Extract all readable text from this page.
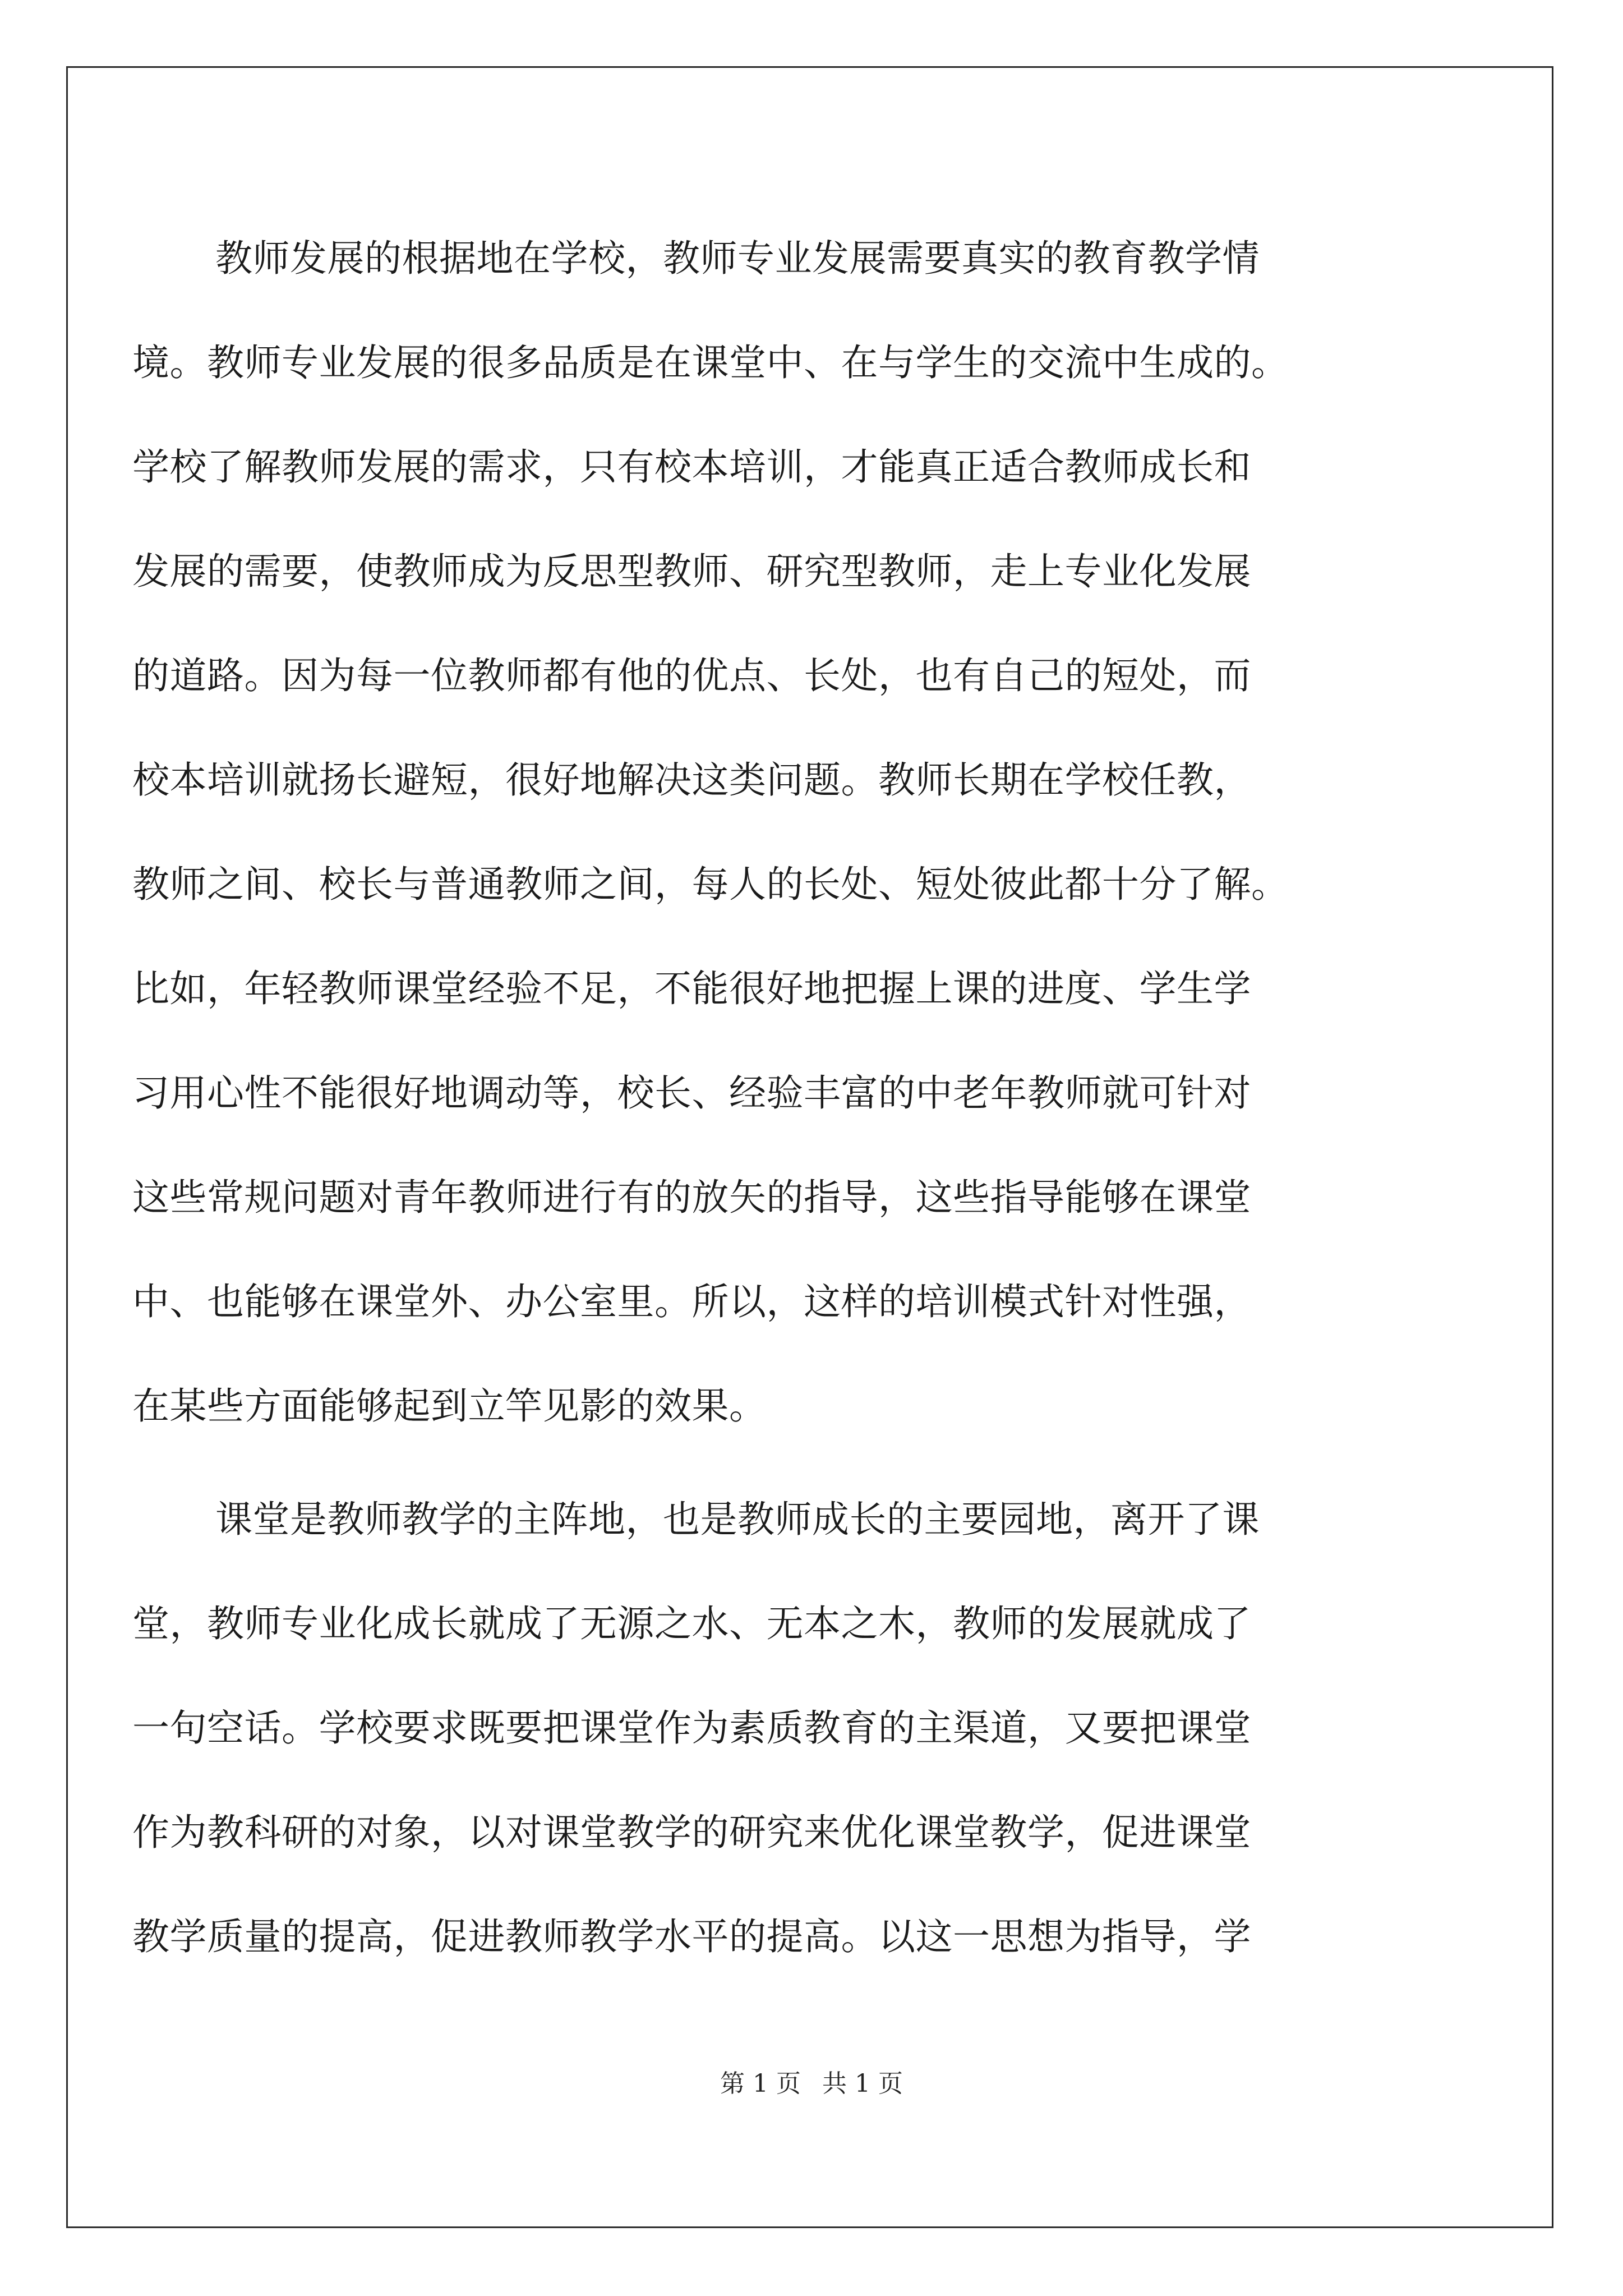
教师发展的根据地在学校，教师专业发展需要真实的教育教学情
境。教师专业发展的很多品质是在课堂中、在与学生的交流中生成的。
学校了解教师发展的需求，只有校本培训，才能真正适合教师成长和
发展的需要，使教师成为反思型教师、研究型教师，走上专业化发展
的道路。因为每一位教师都有他的优点、长处，也有自己的短处，而
校本培训就扬长避短，很好地解决这类问题。教师长期在学校任教，
教师之间、校长与普通教师之间，每人的长处、短处彼此都十分了解。
比如，年轻教师课堂经验不足，不能很好地把握上课的进度、学生学
习用心性不能很好地调动等，校长、经验丰富的中老年教师就可针对
这些常规问题对青年教师进行有的放矢的指导，这些指导能够在课堂
中、也能够在课堂外、办公室里。所以，这样的培训模式针对性强，
在某些方面能够起到立竿见影的效果。
课堂是教师教学的主阵地，也是教师成长的主要园地，离开了课
堂，教师专业化成长就成了无源之水、无本之木，教师的发展就成了
一句空话。学校要求既要把课堂作为素质教育的主渠道，又要把课堂
作为教科研的对象，以对课堂教学的研究来优化课堂教学，促进课堂
教学质量的提高，促进教师教学水平的提高。以这一思想为指导，学
第 1 页 共 1 页
